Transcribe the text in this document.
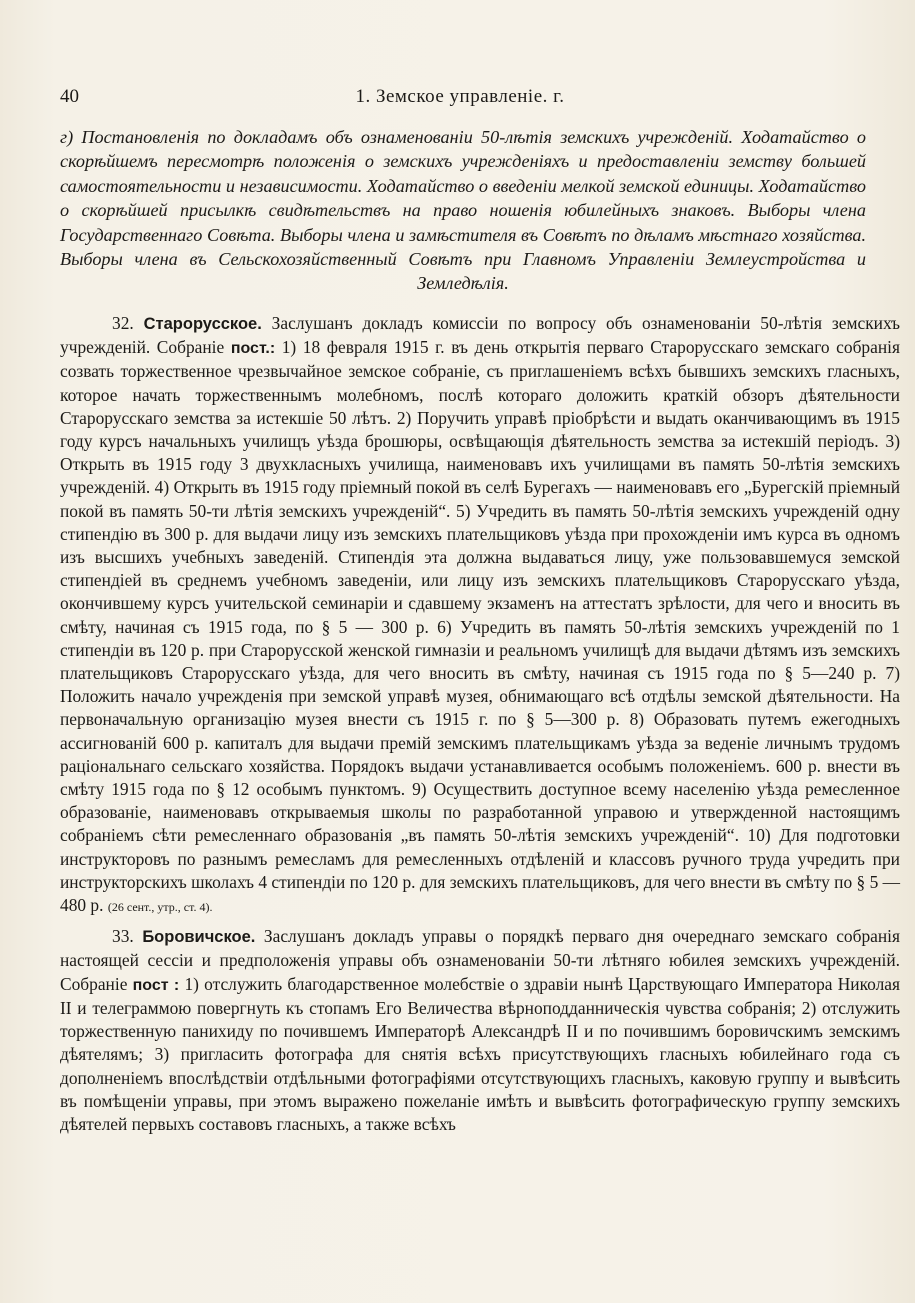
40	1. Земское управленіе. г.
г) Постановленія по докладамъ объ ознаменованіи 50-лѣтія земскихъ учрежденій. Ходатайство о скорѣйшемъ пересмотрѣ положенія о земскихъ учрежденіяхъ и предоставленіи земству большей самостоятельности и независимости. Ходатайство о введеніи мелкой земской единицы. Ходатайство о скорѣйшей присылкѣ свидѣтельствъ на право ношенія юбилейныхъ знаковъ. Выборы члена Государственнаго Совѣта. Выборы члена и замѣстителя въ Совѣтъ по дѣламъ мѣстнаго хозяйства. Выборы члена въ Сельскохозяйственный Совѣтъ при Главномъ Управленіи Землеустройства и Земледѣлія.

32. Старорусское. Заслушанъ докладъ комиссіи по вопросу объ ознаменованіи 50-лѣтія земскихъ учрежденій. Собраніе пост.: 1) 18 февраля 1915 г. въ день открытія перваго Старорусскаго земскаго собранія созвать торжественное чрезвычайное земское собраніе, съ приглашеніемъ всѣхъ бывшихъ земскихъ гласныхъ, которое начать торжественнымъ молебномъ, послѣ котораго доложить краткій обзоръ дѣятельности Старорусскаго земства за истекшіе 50 лѣтъ. 2) Поручить управѣ пріобрѣсти и выдать оканчивающимъ въ 1915 году курсъ начальныхъ училищъ уѣзда брошюры, освѣщающія дѣятельность земства за истекшій періодъ. 3) Открыть въ 1915 году 3 двухкласныхъ училища, наименовавъ ихъ училищами въ память 50-лѣтія земскихъ учрежденій. 4) Открыть въ 1915 году пріемный покой въ селѣ Бурегахъ — наименовавъ его „Бурегскій пріемный покой въ память 50-ти лѣтія земскихъ учрежденій“. 5) Учредить въ память 50-лѣтія земскихъ учрежденій одну стипендію въ 300 р. для выдачи лицу изъ земскихъ плательщиковъ уѣзда при прохожденіи имъ курса въ одномъ изъ высшихъ учебныхъ заведеній. Стипендія эта должна выдаваться лицу, уже пользовавшемуся земской стипендіей въ среднемъ учебномъ заведеніи, или лицу изъ земскихъ плательщиковъ Старорусскаго уѣзда, окончившему курсъ учительской семинаріи и сдавшему экзаменъ на аттестатъ зрѣлости, для чего и вносить въ смѣту, начиная съ 1915 года, по § 5 — 300 р. 6) Учредить въ память 50-лѣтія земскихъ учрежденій по 1 стипендіи въ 120 р. при Старорусской женской гимназіи и реальномъ училищѣ для выдачи дѣтямъ изъ земскихъ плательщиковъ Старорусскаго уѣзда, для чего вносить въ смѣту, начиная съ 1915 года по § 5—240 р. 7) Положить начало учрежденія при земской управѣ музея, обнимающаго всѣ отдѣлы земской дѣятельности. На первоначальную организацію музея внести съ 1915 г. по § 5—300 р. 8) Образовать путемъ ежегодныхъ ассигнованій 600 р. капиталъ для выдачи премій земскимъ плательщикамъ уѣзда за веденіе личнымъ трудомъ раціональнаго сельскаго хозяйства. Порядокъ выдачи устанавливается особымъ положеніемъ. 600 р. внести въ смѣту 1915 года по § 12 особымъ пунктомъ. 9) Осуществить доступное всему населенію уѣзда ремесленное образованіе, наименовавъ открываемыя школы по разработанной управою и утвержденной настоящимъ собраніемъ сѣти ремесленнаго образованія „въ память 50-лѣтія земскихъ учрежденій“. 10) Для подготовки инструкторовъ по разнымъ ремесламъ для ремесленныхъ отдѣленій и классовъ ручного труда учредить при инструкторскихъ школахъ 4 стипендіи по 120 р. для земскихъ плательщиковъ, для чего внести въ смѣту по § 5 — 480 р. (26 сент., утр., ст. 4).

33. Боровичское. Заслушанъ докладъ управы о порядкѣ перваго дня очереднаго земскаго собранія настоящей сессіи и предположенія управы объ ознаменованіи 50-ти лѣтняго юбилея земскихъ учрежденій. Собраніе пост : 1) отслужить благодарственное молебствіе о здравіи нынѣ Царствующаго Императора Николая II и телеграммою повергнуть къ стопамъ Его Величества вѣрноподданническія чувства собранія; 2) отслужить торжественную панихиду по почившемъ Императорѣ Александрѣ II и по почившимъ боровичскимъ земскимъ дѣятелямъ; 3) пригласить фотографа для снятія всѣхъ присутствующихъ гласныхъ юбилейнаго года съ дополненіемъ впослѣдствіи отдѣльными фотографіями отсутствующихъ гласныхъ, каковую группу и вывѣсить въ помѣщеніи управы, при этомъ выражено пожеланіе имѣть и вывѣсить фотографическую группу земскихъ дѣятелей первыхъ составовъ гласныхъ, а также всѣхъ
